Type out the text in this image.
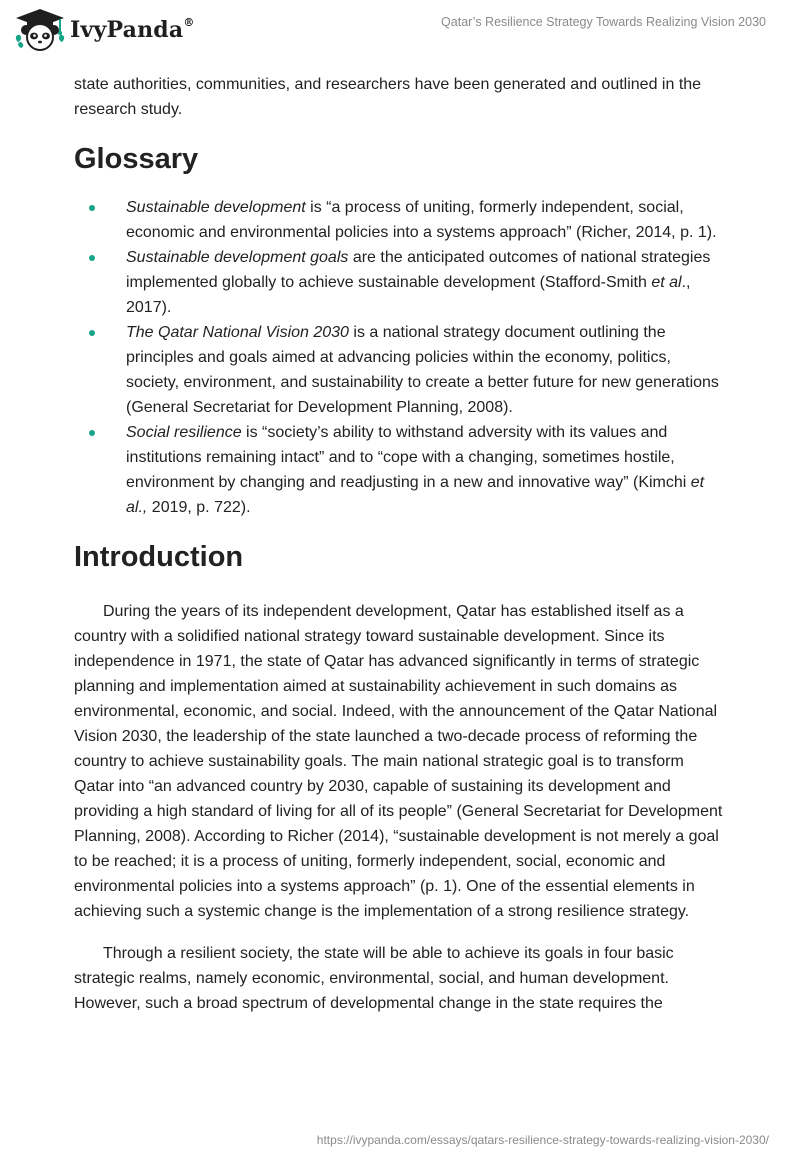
IvyPanda®	Qatar’s Resilience Strategy Towards Realizing Vision 2030

state authorities, communities, and researchers have been generated and outlined in the research study.

Glossary
Sustainable development is “a process of uniting, formerly independent, social, economic and environmental policies into a systems approach” (Richer, 2014, p. 1).
Sustainable development goals are the anticipated outcomes of national strategies implemented globally to achieve sustainable development (Stafford-Smith et al., 2017).
The Qatar National Vision 2030 is a national strategy document outlining the principles and goals aimed at advancing policies within the economy, politics, society, environment, and sustainability to create a better future for new generations (General Secretariat for Development Planning, 2008).
Social resilience is “society’s ability to withstand adversity with its values and institutions remaining intact” and to “cope with a changing, sometimes hostile, environment by changing and readjusting in a new and innovative way” (Kimchi et al., 2019, p. 722).
Introduction

During the years of its independent development, Qatar has established itself as a country with a solidified national strategy toward sustainable development. Since its independence in 1971, the state of Qatar has advanced significantly in terms of strategic planning and implementation aimed at sustainability achievement in such domains as environmental, economic, and social. Indeed, with the announcement of the Qatar National Vision 2030, the leadership of the state launched a two-decade process of reforming the country to achieve sustainability goals. The main national strategic goal is to transform Qatar into “an advanced country by 2030, capable of sustaining its development and providing a high standard of living for all of its people” (General Secretariat for Development Planning, 2008). According to Richer (2014), “sustainable development is not merely a goal to be reached; it is a process of uniting, formerly independent, social, economic and environmental policies into a systems approach” (p. 1). One of the essential elements in achieving such a systemic change is the implementation of a strong resilience strategy.

Through a resilient society, the state will be able to achieve its goals in four basic strategic realms, namely economic, environmental, social, and human development. However, such a broad spectrum of developmental change in the state requires the

https://ivypanda.com/essays/qatars-resilience-strategy-towards-realizing-vision-2030/
